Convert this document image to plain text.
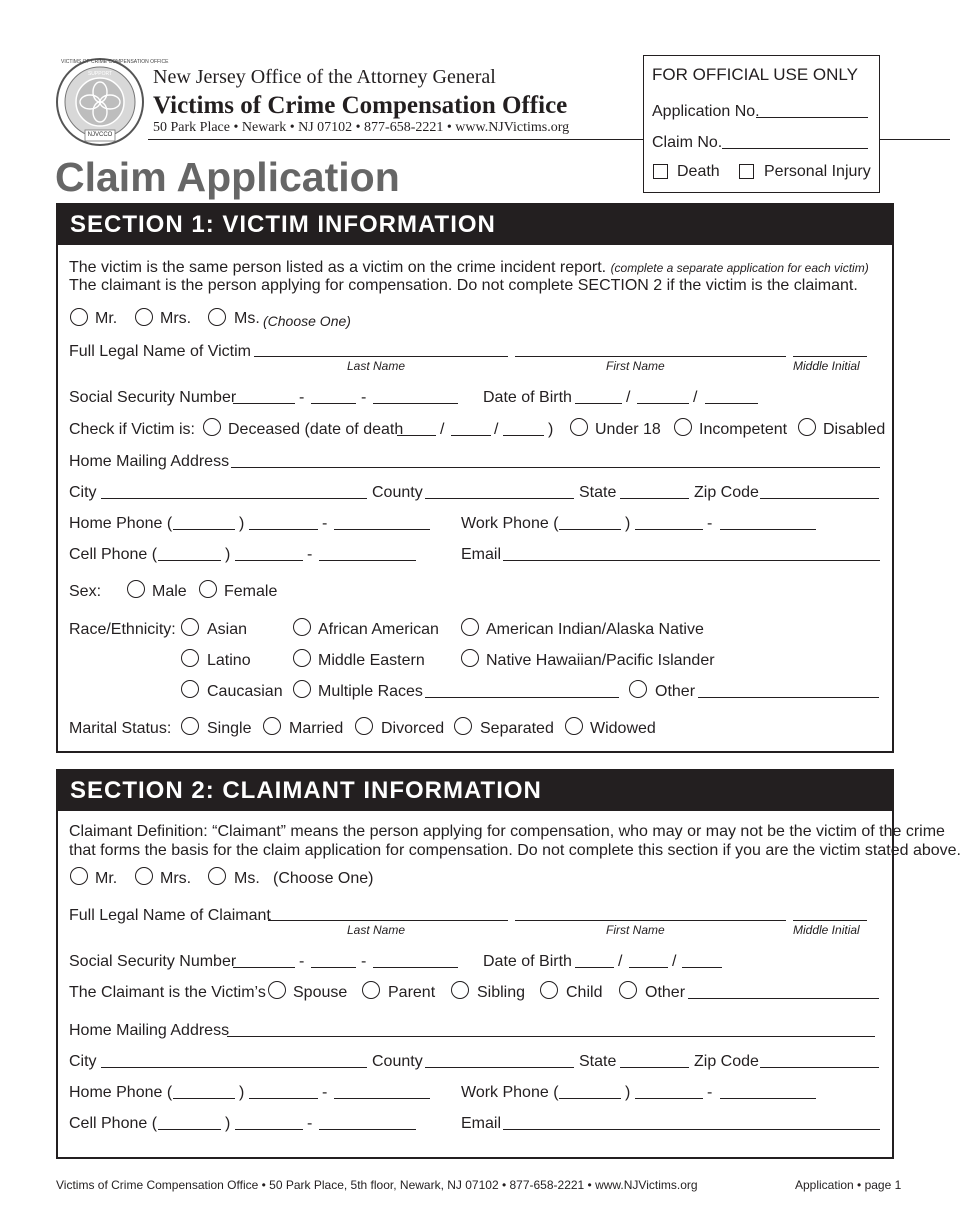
VICTIMS OF CRIME COMPENSATION OFFICE
SUPPORT
NJVCCO
New Jersey Office of the Attorney General
Victims of Crime Compensation Office
50 Park Place • Newark • NJ 07102 • 877-658-2221 • www.NJVictims.org
Claim Application
FOR OFFICIAL USE ONLY
Application No.
Claim No.
Death	Personal Injury
SECTION 1: VICTIM INFORMATION
The victim is the same person listed as a victim on the crime incident report. (complete a separate application for each victim)
The claimant is the person applying for compensation. Do not complete SECTION 2 if the victim is the claimant.
Mr.	Mrs.	Ms. (Choose One)
Full Legal Name of Victim
Last Name	First Name	Middle Initial
Social Security Number	-	-	Date of Birth	/	/
Check if Victim is: Deceased (date of death /	/	)	Under 18 Incompetent Disabled
Home Mailing Address
City	County	State	Zip Code
Home Phone (	)	-	Work Phone (	)	-
Cell Phone (	)	-	Email
Sex:	Male Female
Race/Ethnicity: Asian	African American	American Indian/Alaska Native
Latino	Middle Eastern	Native Hawaiian/Pacific Islander
Caucasian Multiple Races	Other
Marital Status: Single Married Divorced Separated Widowed
SECTION 2: CLAIMANT INFORMATION
Claimant Definition: “Claimant” means the person applying for compensation, who may or may not be the victim of the crime
that forms the basis for the claim application for compensation. Do not complete this section if you are the victim stated above.
Mr.	Mrs.	Ms. (Choose One)
Full Legal Name of Claimant
Last Name	First Name	Middle Initial
Social Security Number	-	-	Date of Birth	/	/
The Claimant is the Victim’s Spouse	Parent	Sibling	Child	Other
Home Mailing Address
City	County	State	Zip Code
Home Phone (	)	-	Work Phone (	)	-
Cell Phone (	)	-	Email
Victims of Crime Compensation Office • 50 Park Place, 5th floor, Newark, NJ 07102 • 877-658-2221 • www.NJVictims.org	Application • page 1
